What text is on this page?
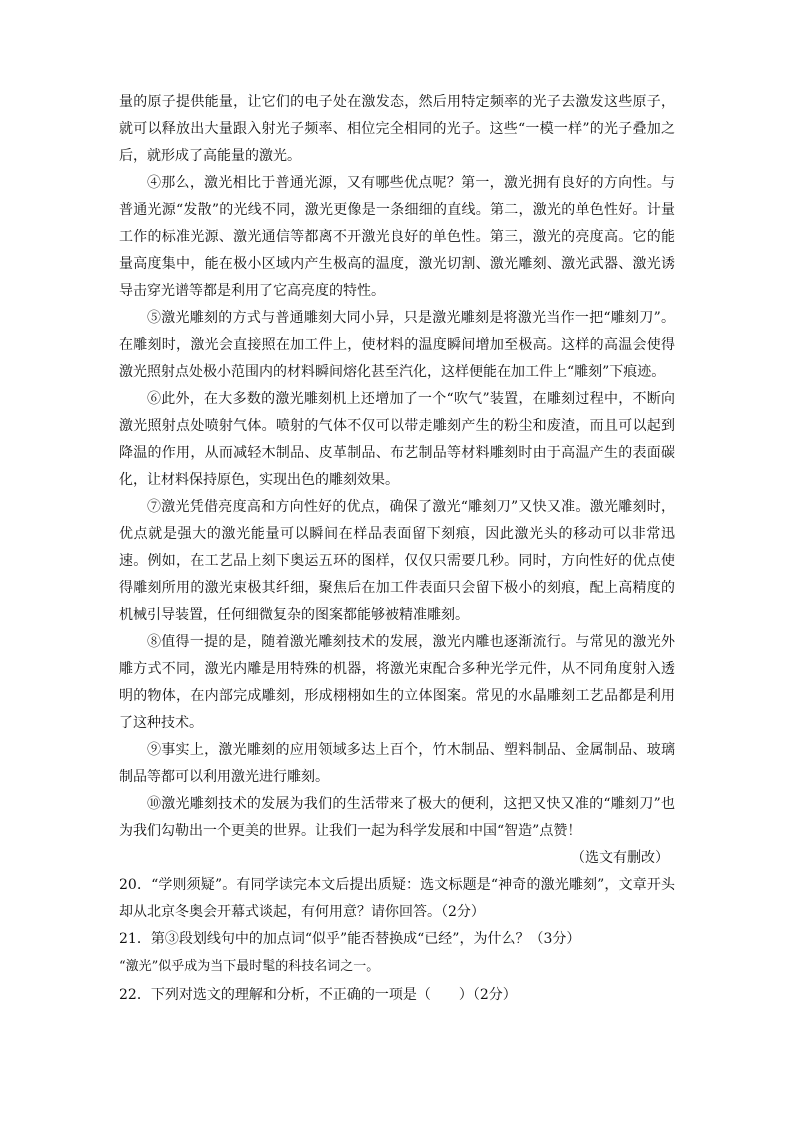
量的原子提供能量，让它们的电子处在激发态，然后用特定频率的光子去激发这些原子，就可以释放出大量跟入射光子频率、相位完全相同的光子。这些“一模一样”的光子叠加之后，就形成了高能量的激光。

④那么，激光相比于普通光源，又有哪些优点呢？第一，激光拥有良好的方向性。与普通光源“发散”的光线不同，激光更像是一条细细的直线。第二，激光的单色性好。计量工作的标准光源、激光通信等都离不开激光良好的单色性。第三，激光的亮度高。它的能量高度集中，能在极小区域内产生极高的温度，激光切割、激光雕刻、激光武器、激光诱导击穿光谱等都是利用了它高亮度的特性。

⑤激光雕刻的方式与普通雕刻大同小异，只是激光雕刻是将激光当作一把“雕刻刀”。在雕刻时，激光会直接照在加工件上，使材料的温度瞬间增加至极高。这样的高温会使得激光照射点处极小范围内的材料瞬间熔化甚至汽化，这样便能在加工件上“雕刻”下痕迹。

⑥此外，在大多数的激光雕刻机上还增加了一个“吹气”装置，在雕刻过程中，不断向激光照射点处喷射气体。喷射的气体不仅可以带走雕刻产生的粉尘和废渣，而且可以起到降温的作用，从而减轻木制品、皮革制品、布艺制品等材料雕刻时由于高温产生的表面碳化，让材料保持原色，实现出色的雕刻效果。

⑦激光凭借亮度高和方向性好的优点，确保了激光“雕刻刀”又快又准。激光雕刻时，优点就是强大的激光能量可以瞬间在样品表面留下刻痕，因此激光头的移动可以非常迅速。例如，在工艺品上刻下奥运五环的图样，仅仅只需要几秒。同时，方向性好的优点使得雕刻所用的激光束极其纤细，聚焦后在加工件表面只会留下极小的刻痕，配上高精度的机械引导装置，任何细微复杂的图案都能够被精准雕刻。

⑧值得一提的是，随着激光雕刻技术的发展，激光内雕也逐渐流行。与常见的激光外雕方式不同，激光内雕是用特殊的机器，将激光束配合多种光学元件，从不同角度射入透明的物体，在内部完成雕刻，形成栩栩如生的立体图案。常见的水晶雕刻工艺品都是利用了这种技术。

⑨事实上，激光雕刻的应用领域多达上百个，竹木制品、塑料制品、金属制品、玻璃制品等都可以利用激光进行雕刻。

⑩激光雕刻技术的发展为我们的生活带来了极大的便利，这把又快又准的“雕刻刀”也为我们勾勒出一个更美的世界。让我们一起为科学发展和中国“智造”点赞！

（选文有删改）

20．“学则须疑”。有同学读完本文后提出质疑：选文标题是“神奇的激光雕刻”，文章开头却从北京冬奥会开幕式谈起，有何用意？请你回答。（2分）

21．第③段划线句中的加点词“似乎”能否替换成“已经”，为什么？（3分）

“激光”似乎成为当下最时髦的科技名词之一。

22．下列对选文的理解和分析，不正确的一项是（　　）（2分）
